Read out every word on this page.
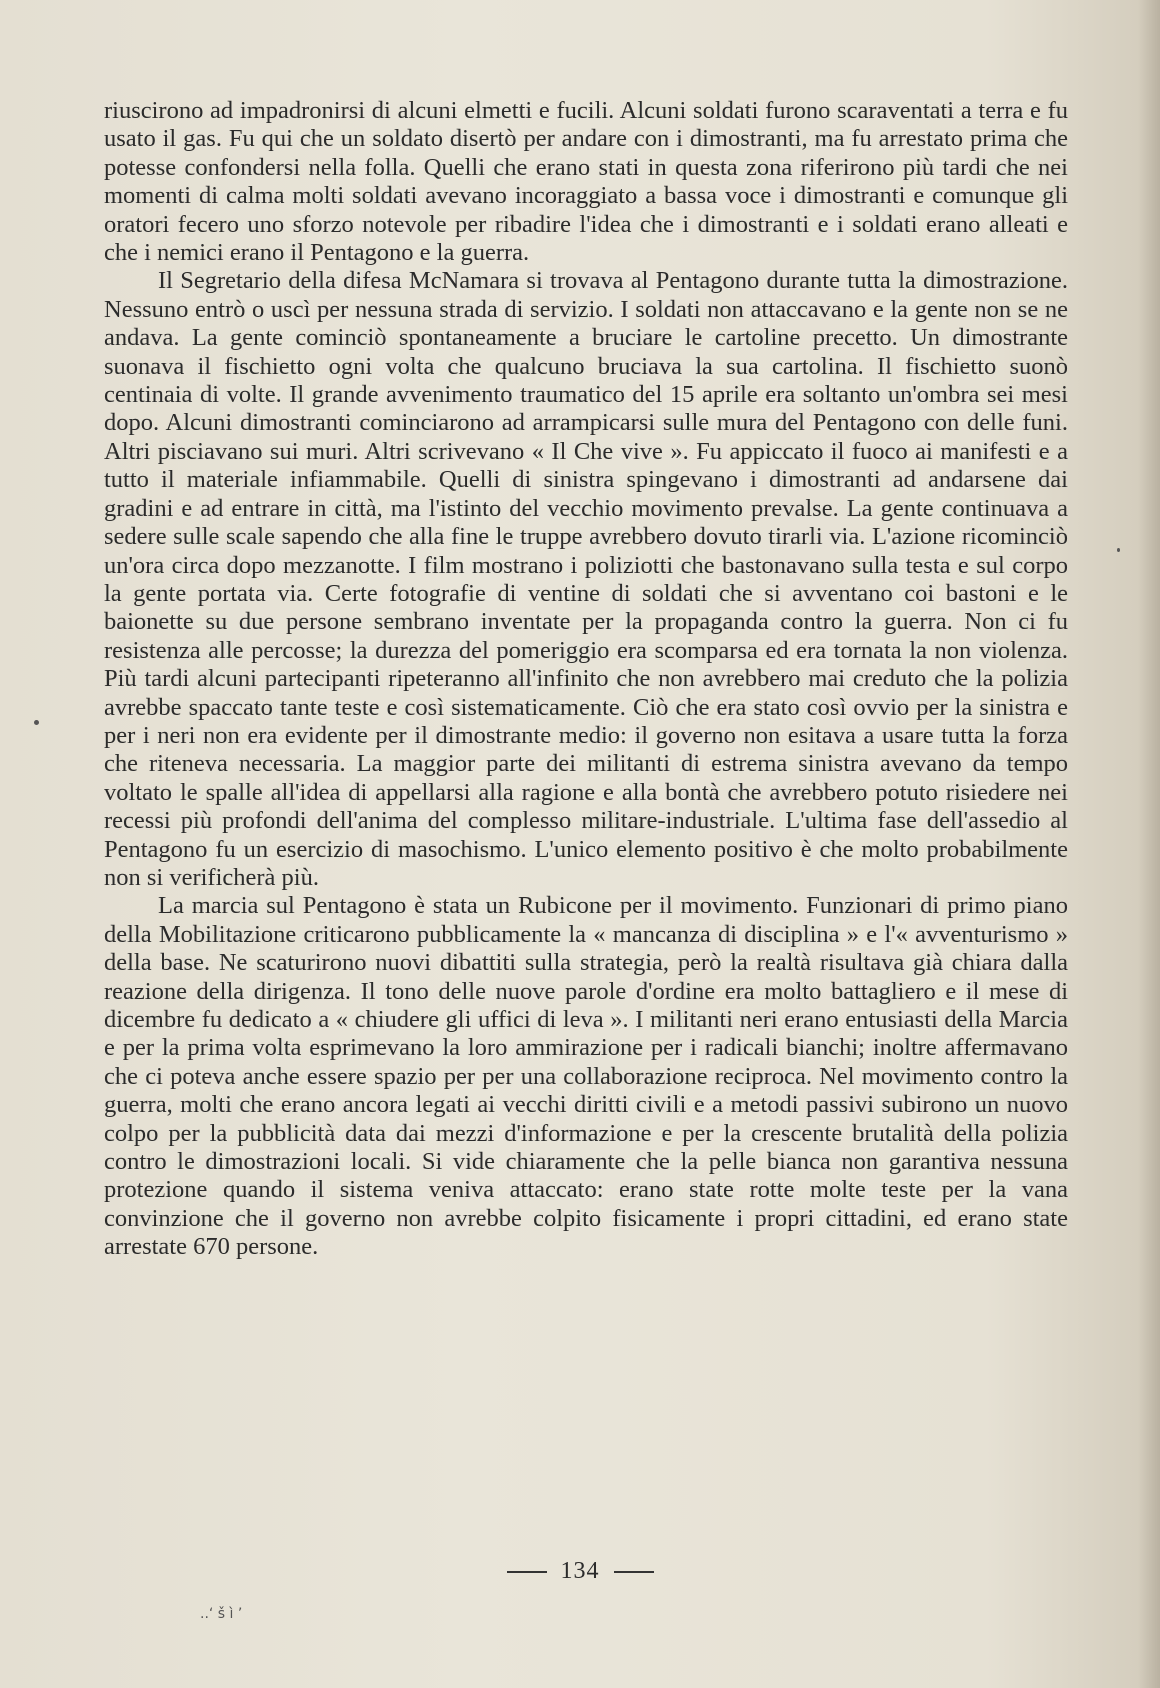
riuscirono ad impadronirsi di alcuni elmetti e fucili. Alcuni soldati furono scaraventati a terra e fu usato il gas. Fu qui che un soldato disertò per andare con i dimostranti, ma fu arrestato prima che potesse confondersi nella folla. Quelli che erano stati in questa zona riferirono più tardi che nei momenti di calma molti soldati avevano incoraggiato a bassa voce i dimostranti e comunque gli oratori fecero uno sforzo notevole per ribadire l'idea che i dimostranti e i soldati erano alleati e che i nemici erano il Pentagono e la guerra.

Il Segretario della difesa McNamara si trovava al Pentagono durante tutta la dimostrazione. Nessuno entrò o uscì per nessuna strada di servizio. I soldati non attaccavano e la gente non se ne andava. La gente cominciò spontaneamente a bruciare le cartoline precetto. Un dimostrante suonava il fischietto ogni volta che qualcuno bruciava la sua cartolina. Il fischietto suonò centinaia di volte. Il grande avvenimento traumatico del 15 aprile era soltanto un'ombra sei mesi dopo. Alcuni dimostranti cominciarono ad arrampicarsi sulle mura del Pentagono con delle funi. Altri pisciavano sui muri. Altri scrivevano « Il Che vive ». Fu appiccato il fuoco ai manifesti e a tutto il materiale infiammabile. Quelli di sinistra spingevano i dimostranti ad andarsene dai gradini e ad entrare in città, ma l'istinto del vecchio movimento prevalse. La gente continuava a sedere sulle scale sapendo che alla fine le truppe avrebbero dovuto tirarli via. L'azione ricominciò un'ora circa dopo mezzanotte. I film mostrano i poliziotti che bastonavano sulla testa e sul corpo la gente portata via. Certe fotografie di ventine di soldati che si avventano coi bastoni e le baionette su due persone sembrano inventate per la propaganda contro la guerra. Non ci fu resistenza alle percosse; la durezza del pomeriggio era scomparsa ed era tornata la non violenza. Più tardi alcuni partecipanti ripeteranno all'infinito che non avrebbero mai creduto che la polizia avrebbe spaccato tante teste e così sistematicamente. Ciò che era stato così ovvio per la sinistra e per i neri non era evidente per il dimostrante medio: il governo non esitava a usare tutta la forza che riteneva necessaria. La maggior parte dei militanti di estrema sinistra avevano da tempo voltato le spalle all'idea di appellarsi alla ragione e alla bontà che avrebbero potuto risiedere nei recessi più profondi dell'anima del complesso militare-industriale. L'ultima fase dell'assedio al Pentagono fu un esercizio di masochismo. L'unico elemento positivo è che molto probabilmente non si verificherà più.

La marcia sul Pentagono è stata un Rubicone per il movimento. Funzionari di primo piano della Mobilitazione criticarono pubblicamente la « mancanza di disciplina » e l'« avventurismo » della base. Ne scaturirono nuovi dibattiti sulla strategia, però la realtà risultava già chiara dalla reazione della dirigenza. Il tono delle nuove parole d'ordine era molto battagliero e il mese di dicembre fu dedicato a « chiudere gli uffici di leva ». I militanti neri erano entusiasti della Marcia e per la prima volta esprimevano la loro ammirazione per i radicali bianchi; inoltre affermavano che ci poteva anche essere spazio per per una collaborazione reciproca. Nel movimento contro la guerra, molti che erano ancora legati ai vecchi diritti civili e a metodi passivi subirono un nuovo colpo per la pubblicità data dai mezzi d'informazione e per la crescente brutalità della polizia contro le dimostrazioni locali. Si vide chiaramente che la pelle bianca non garantiva nessuna protezione quando il sistema veniva attaccato: erano state rotte molte teste per la vana convinzione che il governo non avrebbe colpito fisicamente i propri cittadini, ed erano state arrestate 670 persone.

134
..‘ š ì ’
